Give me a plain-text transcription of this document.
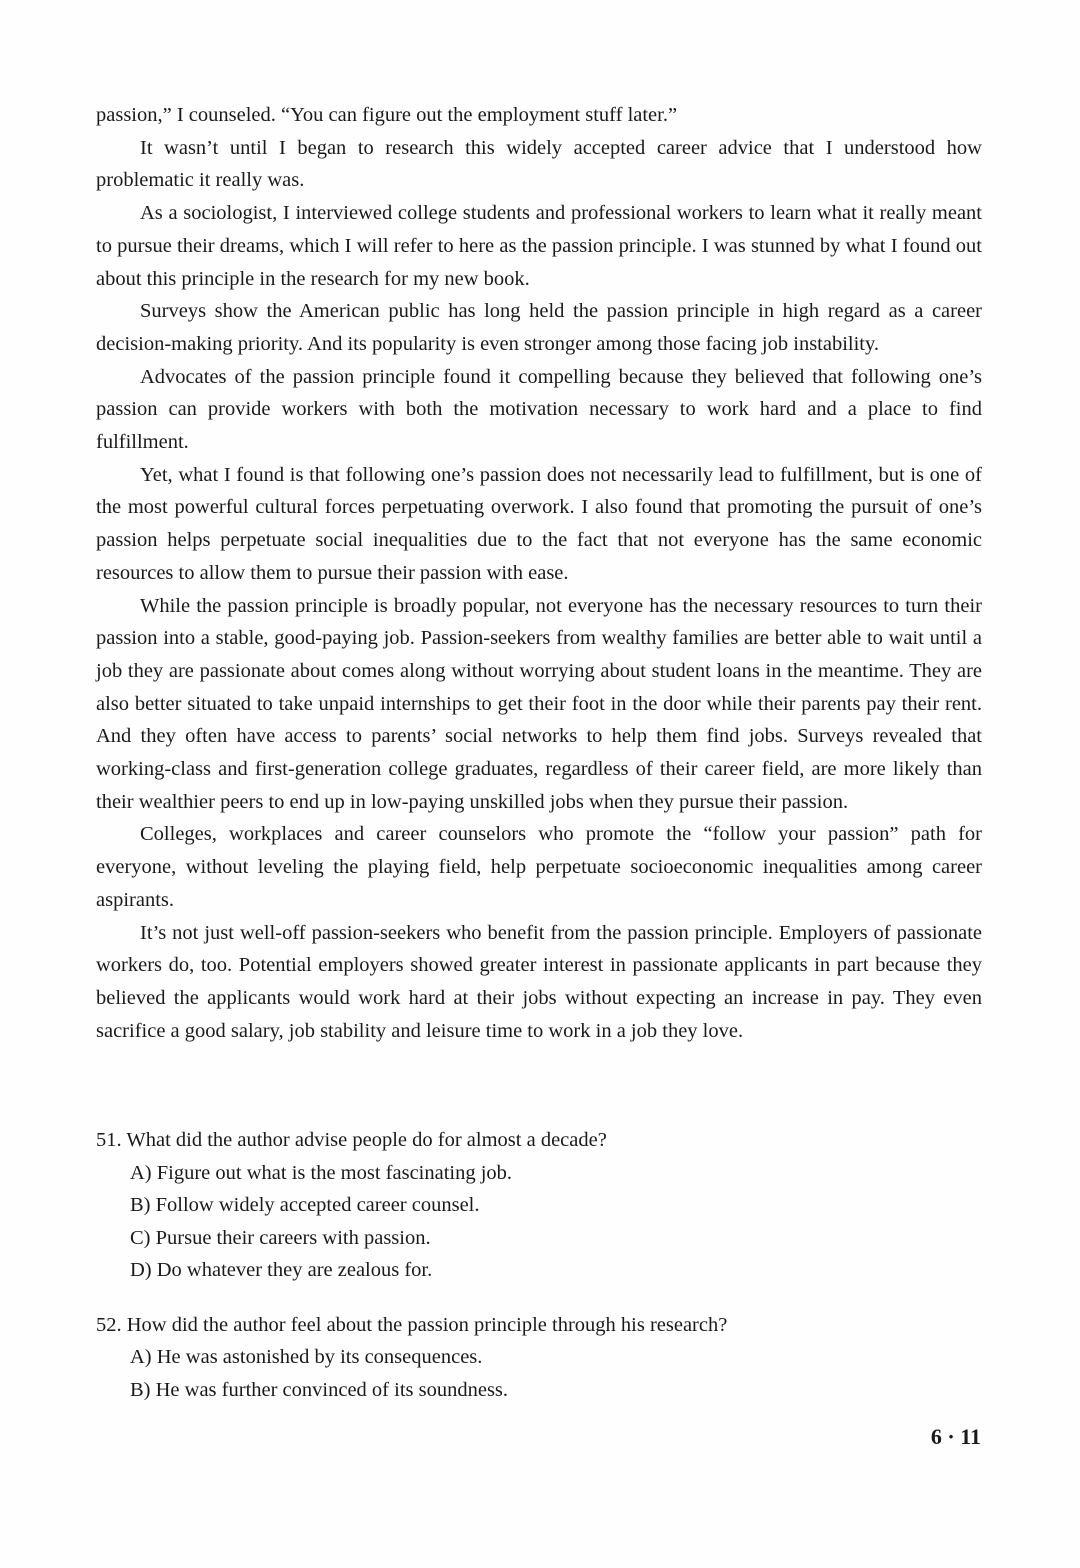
passion,” I counseled. “You can figure out the employment stuff later.”

It wasn’t until I began to research this widely accepted career advice that I understood how problematic it really was.

As a sociologist, I interviewed college students and professional workers to learn what it really meant to pursue their dreams, which I will refer to here as the passion principle. I was stunned by what I found out about this principle in the research for my new book.

Surveys show the American public has long held the passion principle in high regard as a career decision-making priority. And its popularity is even stronger among those facing job instability.

Advocates of the passion principle found it compelling because they believed that following one’s passion can provide workers with both the motivation necessary to work hard and a place to find fulfillment.

Yet, what I found is that following one’s passion does not necessarily lead to fulfillment, but is one of the most powerful cultural forces perpetuating overwork. I also found that promoting the pursuit of one’s passion helps perpetuate social inequalities due to the fact that not everyone has the same economic resources to allow them to pursue their passion with ease.

While the passion principle is broadly popular, not everyone has the necessary resources to turn their passion into a stable, good-paying job. Passion-seekers from wealthy families are better able to wait until a job they are passionate about comes along without worrying about student loans in the meantime. They are also better situated to take unpaid internships to get their foot in the door while their parents pay their rent. And they often have access to parents’ social networks to help them find jobs. Surveys revealed that working-class and first-generation college graduates, regardless of their career field, are more likely than their wealthier peers to end up in low-paying unskilled jobs when they pursue their passion.

Colleges, workplaces and career counselors who promote the “follow your passion” path for everyone, without leveling the playing field, help perpetuate socioeconomic inequalities among career aspirants.

It’s not just well-off passion-seekers who benefit from the passion principle. Employers of passionate workers do, too. Potential employers showed greater interest in passionate applicants in part because they believed the applicants would work hard at their jobs without expecting an increase in pay. They even sacrifice a good salary, job stability and leisure time to work in a job they love.

51. What did the author advise people do for almost a decade?

A) Figure out what is the most fascinating job.

B) Follow widely accepted career counsel.

C) Pursue their careers with passion.

D) Do whatever they are zealous for.

52. How did the author feel about the passion principle through his research?

A) He was astonished by its consequences.

B) He was further convinced of its soundness.

6 · 11
